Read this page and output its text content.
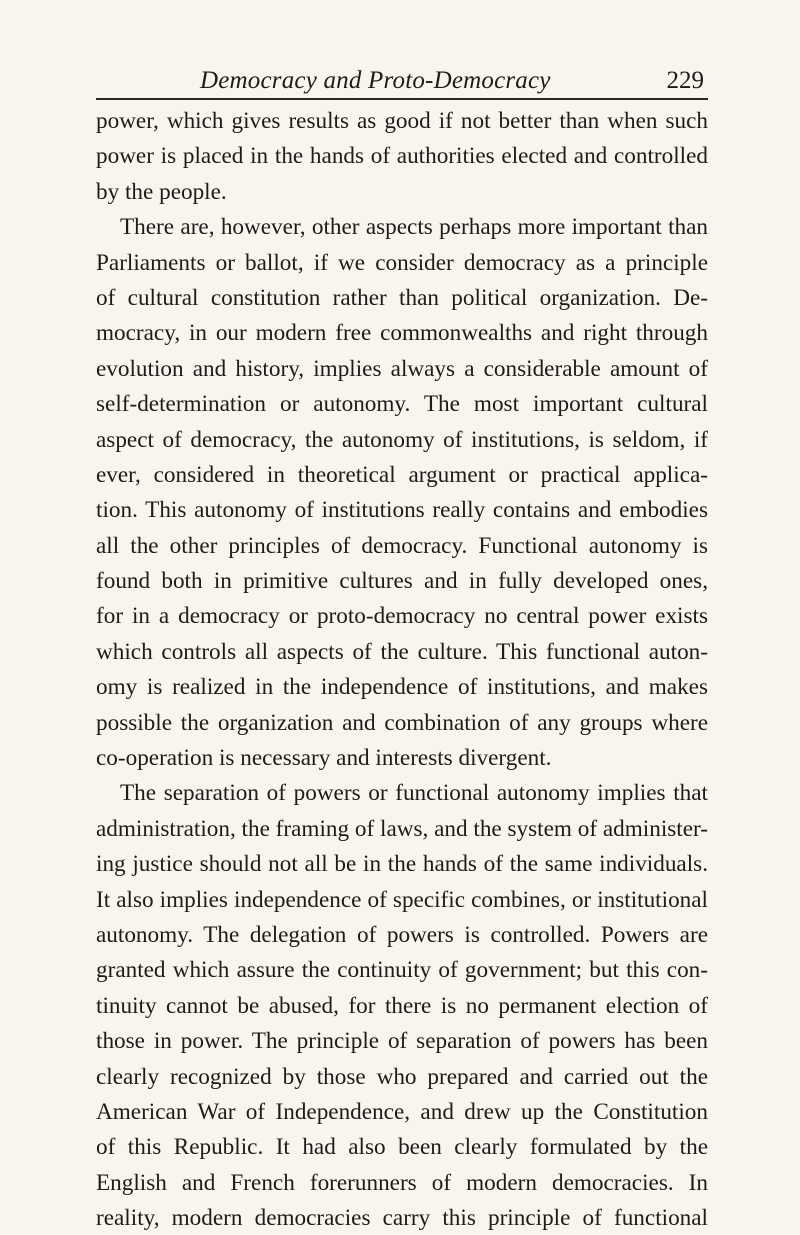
Democracy and Proto-Democracy	229
power, which gives results as good if not better than when such
power is placed in the hands of authorities elected and controlled
by the people.
There are, however, other aspects perhaps more important than
Parliaments or ballot, if we consider democracy as a principle
of cultural constitution rather than political organization. De-
mocracy, in our modern free commonwealths and right through
evolution and history, implies always a considerable amount of
self-determination or autonomy. The most important cultural
aspect of democracy, the autonomy of institutions, is seldom, if
ever, considered in theoretical argument or practical applica-
tion. This autonomy of institutions really contains and embodies
all the other principles of democracy. Functional autonomy is
found both in primitive cultures and in fully developed ones,
for in a democracy or proto-democracy no central power exists
which controls all aspects of the culture. This functional auton-
omy is realized in the independence of institutions, and makes
possible the organization and combination of any groups where
co-operation is necessary and interests divergent.
The separation of powers or functional autonomy implies that
administration, the framing of laws, and the system of administer-
ing justice should not all be in the hands of the same individuals.
It also implies independence of specific combines, or institutional
autonomy. The delegation of powers is controlled. Powers are
granted which assure the continuity of government; but this con-
tinuity cannot be abused, for there is no permanent election of
those in power. The principle of separation of powers has been
clearly recognized by those who prepared and carried out the
American War of Independence, and drew up the Constitution
of this Republic. It had also been clearly formulated by the
English and French forerunners of modern democracies. In
reality, modern democracies carry this principle of functional
